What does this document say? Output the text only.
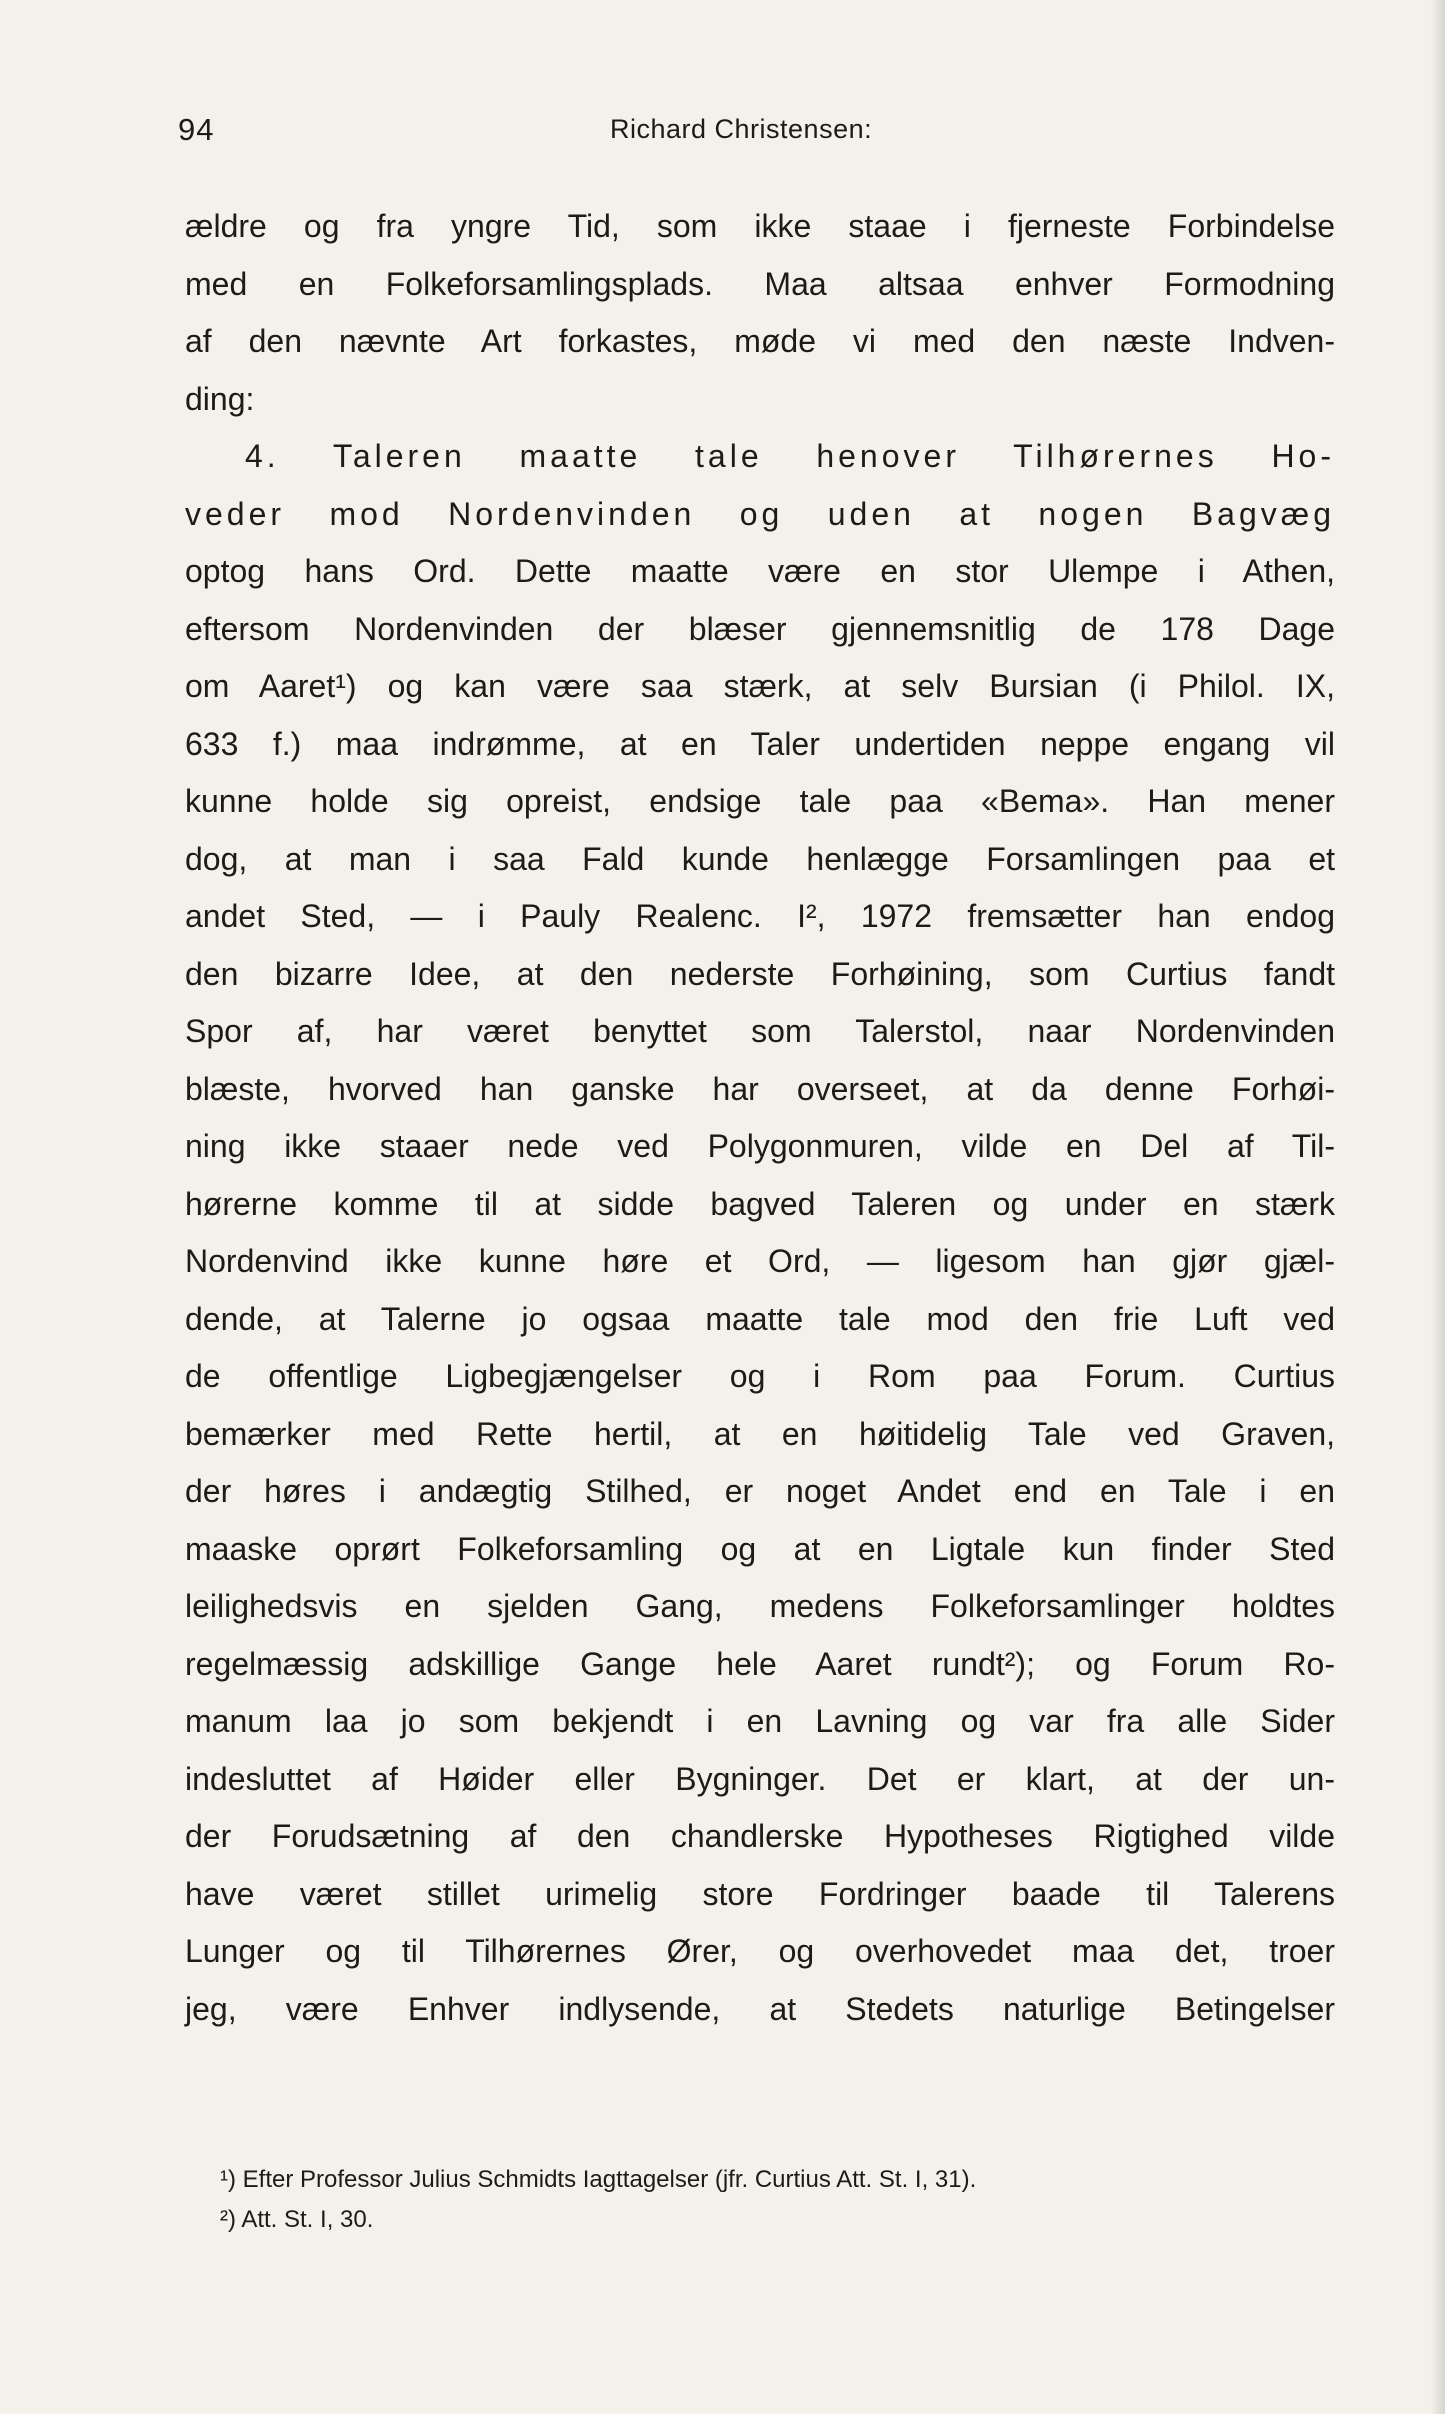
94	Richard Christensen:
ældre og fra yngre Tid, som ikke staae i fjerneste Forbindelse
med en Folkeforsamlingsplads. Maa altsaa enhver Formodning
af den nævnte Art forkastes, møde vi med den næste Indven-
ding:
4. Taleren maatte tale henover Tilhørernes Ho-
veder mod Nordenvinden og uden at nogen Bagvæg
optog hans Ord. Dette maatte være en stor Ulempe i Athen,
eftersom Nordenvinden der blæser gjennemsnitlig de 178 Dage
om Aaret¹) og kan være saa stærk, at selv Bursian (i Philol. IX,
633 f.) maa indrømme, at en Taler undertiden neppe engang vil
kunne holde sig opreist, endsige tale paa «Bema». Han mener
dog, at man i saa Fald kunde henlægge Forsamlingen paa et
andet Sted, — i Pauly Realenc. I², 1972 fremsætter han endog
den bizarre Idee, at den nederste Forhøining, som Curtius fandt
Spor af, har været benyttet som Talerstol, naar Nordenvinden
blæste, hvorved han ganske har overseet, at da denne Forhøi-
ning ikke staaer nede ved Polygonmuren, vilde en Del af Til-
hørerne komme til at sidde bagved Taleren og under en stærk
Nordenvind ikke kunne høre et Ord, — ligesom han gjør gjæl-
dende, at Talerne jo ogsaa maatte tale mod den frie Luft ved
de offentlige Ligbegjængelser og i Rom paa Forum. Curtius
bemærker med Rette hertil, at en høitidelig Tale ved Graven,
der høres i andægtig Stilhed, er noget Andet end en Tale i en
maaske oprørt Folkeforsamling og at en Ligtale kun finder Sted
leilighedsvis en sjelden Gang, medens Folkeforsamlinger holdtes
regelmæssig adskillige Gange hele Aaret rundt²); og Forum Ro-
manum laa jo som bekjendt i en Lavning og var fra alle Sider
indesluttet af Høider eller Bygninger. Det er klart, at der un-
der Forudsætning af den chandlerske Hypotheses Rigtighed vilde
have været stillet urimelig store Fordringer baade til Talerens
Lunger og til Tilhørernes Ører, og overhovedet maa det, troer
jeg, være Enhver indlysende, at Stedets naturlige Betingelser
¹) Efter Professor Julius Schmidts Iagttagelser (jfr. Curtius Att. St. I, 31).
²) Att. St. I, 30.
